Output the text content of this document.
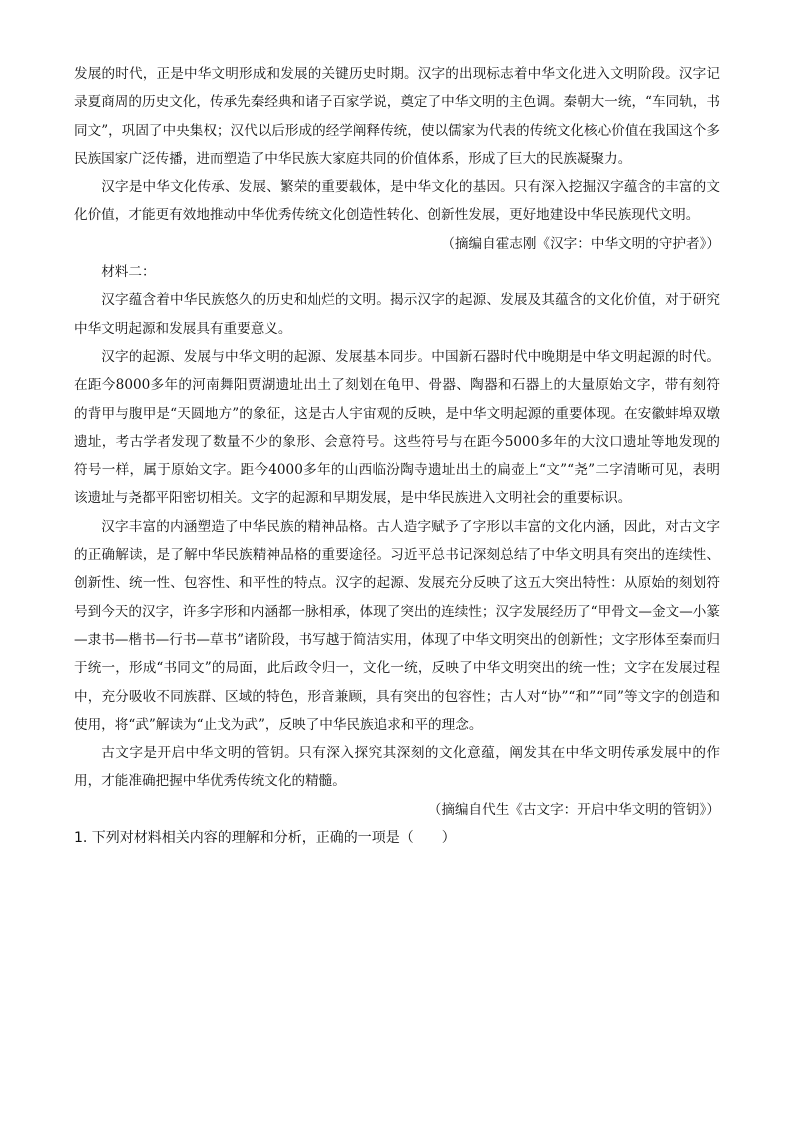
发展的时代，正是中华文明形成和发展的关键历史时期。汉字的出现标志着中华文化进入文明阶段。汉字记录夏商周的历史文化，传承先秦经典和诸子百家学说，奠定了中华文明的主色调。秦朝大一统，“车同轨，书同文”，巩固了中央集权；汉代以后形成的经学阐释传统，使以儒家为代表的传统文化核心价值在我国这个多民族国家广泛传播，进而塑造了中华民族大家庭共同的价值体系，形成了巨大的民族凝聚力。

汉字是中华文化传承、发展、繁荣的重要载体，是中华文化的基因。只有深入挖掘汉字蕴含的丰富的文化价值，才能更有效地推动中华优秀传统文化创造性转化、创新性发展，更好地建设中华民族现代文明。

（摘编自霍志刚《汉字：中华文明的守护者》）

材料二：

汉字蕴含着中华民族悠久的历史和灿烂的文明。揭示汉字的起源、发展及其蕴含的文化价值，对于研究中华文明起源和发展具有重要意义。

汉字的起源、发展与中华文明的起源、发展基本同步。中国新石器时代中晚期是中华文明起源的时代。在距今8000多年的河南舞阳贾湖遗址出土了刻划在龟甲、骨器、陶器和石器上的大量原始文字，带有刻符的背甲与腹甲是“天圆地方”的象征，这是古人宇宙观的反映，是中华文明起源的重要体现。在安徽蚌埠双墩遗址，考古学者发现了数量不少的象形、会意符号。这些符号与在距今5000多年的大汶口遗址等地发现的符号一样，属于原始文字。距今4000多年的山西临汾陶寺遗址出土的扁壶上“文”“尧”二字清晰可见，表明该遗址与尧都平阳密切相关。文字的起源和早期发展，是中华民族进入文明社会的重要标识。

汉字丰富的内涵塑造了中华民族的精神品格。古人造字赋予了字形以丰富的文化内涵，因此，对古文字的正确解读，是了解中华民族精神品格的重要途径。习近平总书记深刻总结了中华文明具有突出的连续性、创新性、统一性、包容性、和平性的特点。汉字的起源、发展充分反映了这五大突出特性：从原始的刻划符号到今天的汉字，许多字形和内涵都一脉相承，体现了突出的连续性；汉字发展经历了“甲骨文—金文—小篆—隶书—楷书—行书—草书”诸阶段，书写越于简洁实用，体现了中华文明突出的创新性；文字形体至秦而归于统一，形成“书同文”的局面，此后政令归一，文化一统，反映了中华文明突出的统一性；文字在发展过程中，充分吸收不同族群、区域的特色，形音兼顾，具有突出的包容性；古人对“协”“和”“同”等文字的创造和使用，将“武”解读为“止戈为武”，反映了中华民族追求和平的理念。

古文字是开启中华文明的管钥。只有深入探究其深刻的文化意蕴，阐发其在中华文明传承发展中的作用，才能准确把握中华优秀传统文化的精髓。

（摘编自代生《古文字：开启中华文明的管钥》）

1. 下列对材料相关内容的理解和分析，正确的一项是（　　）
